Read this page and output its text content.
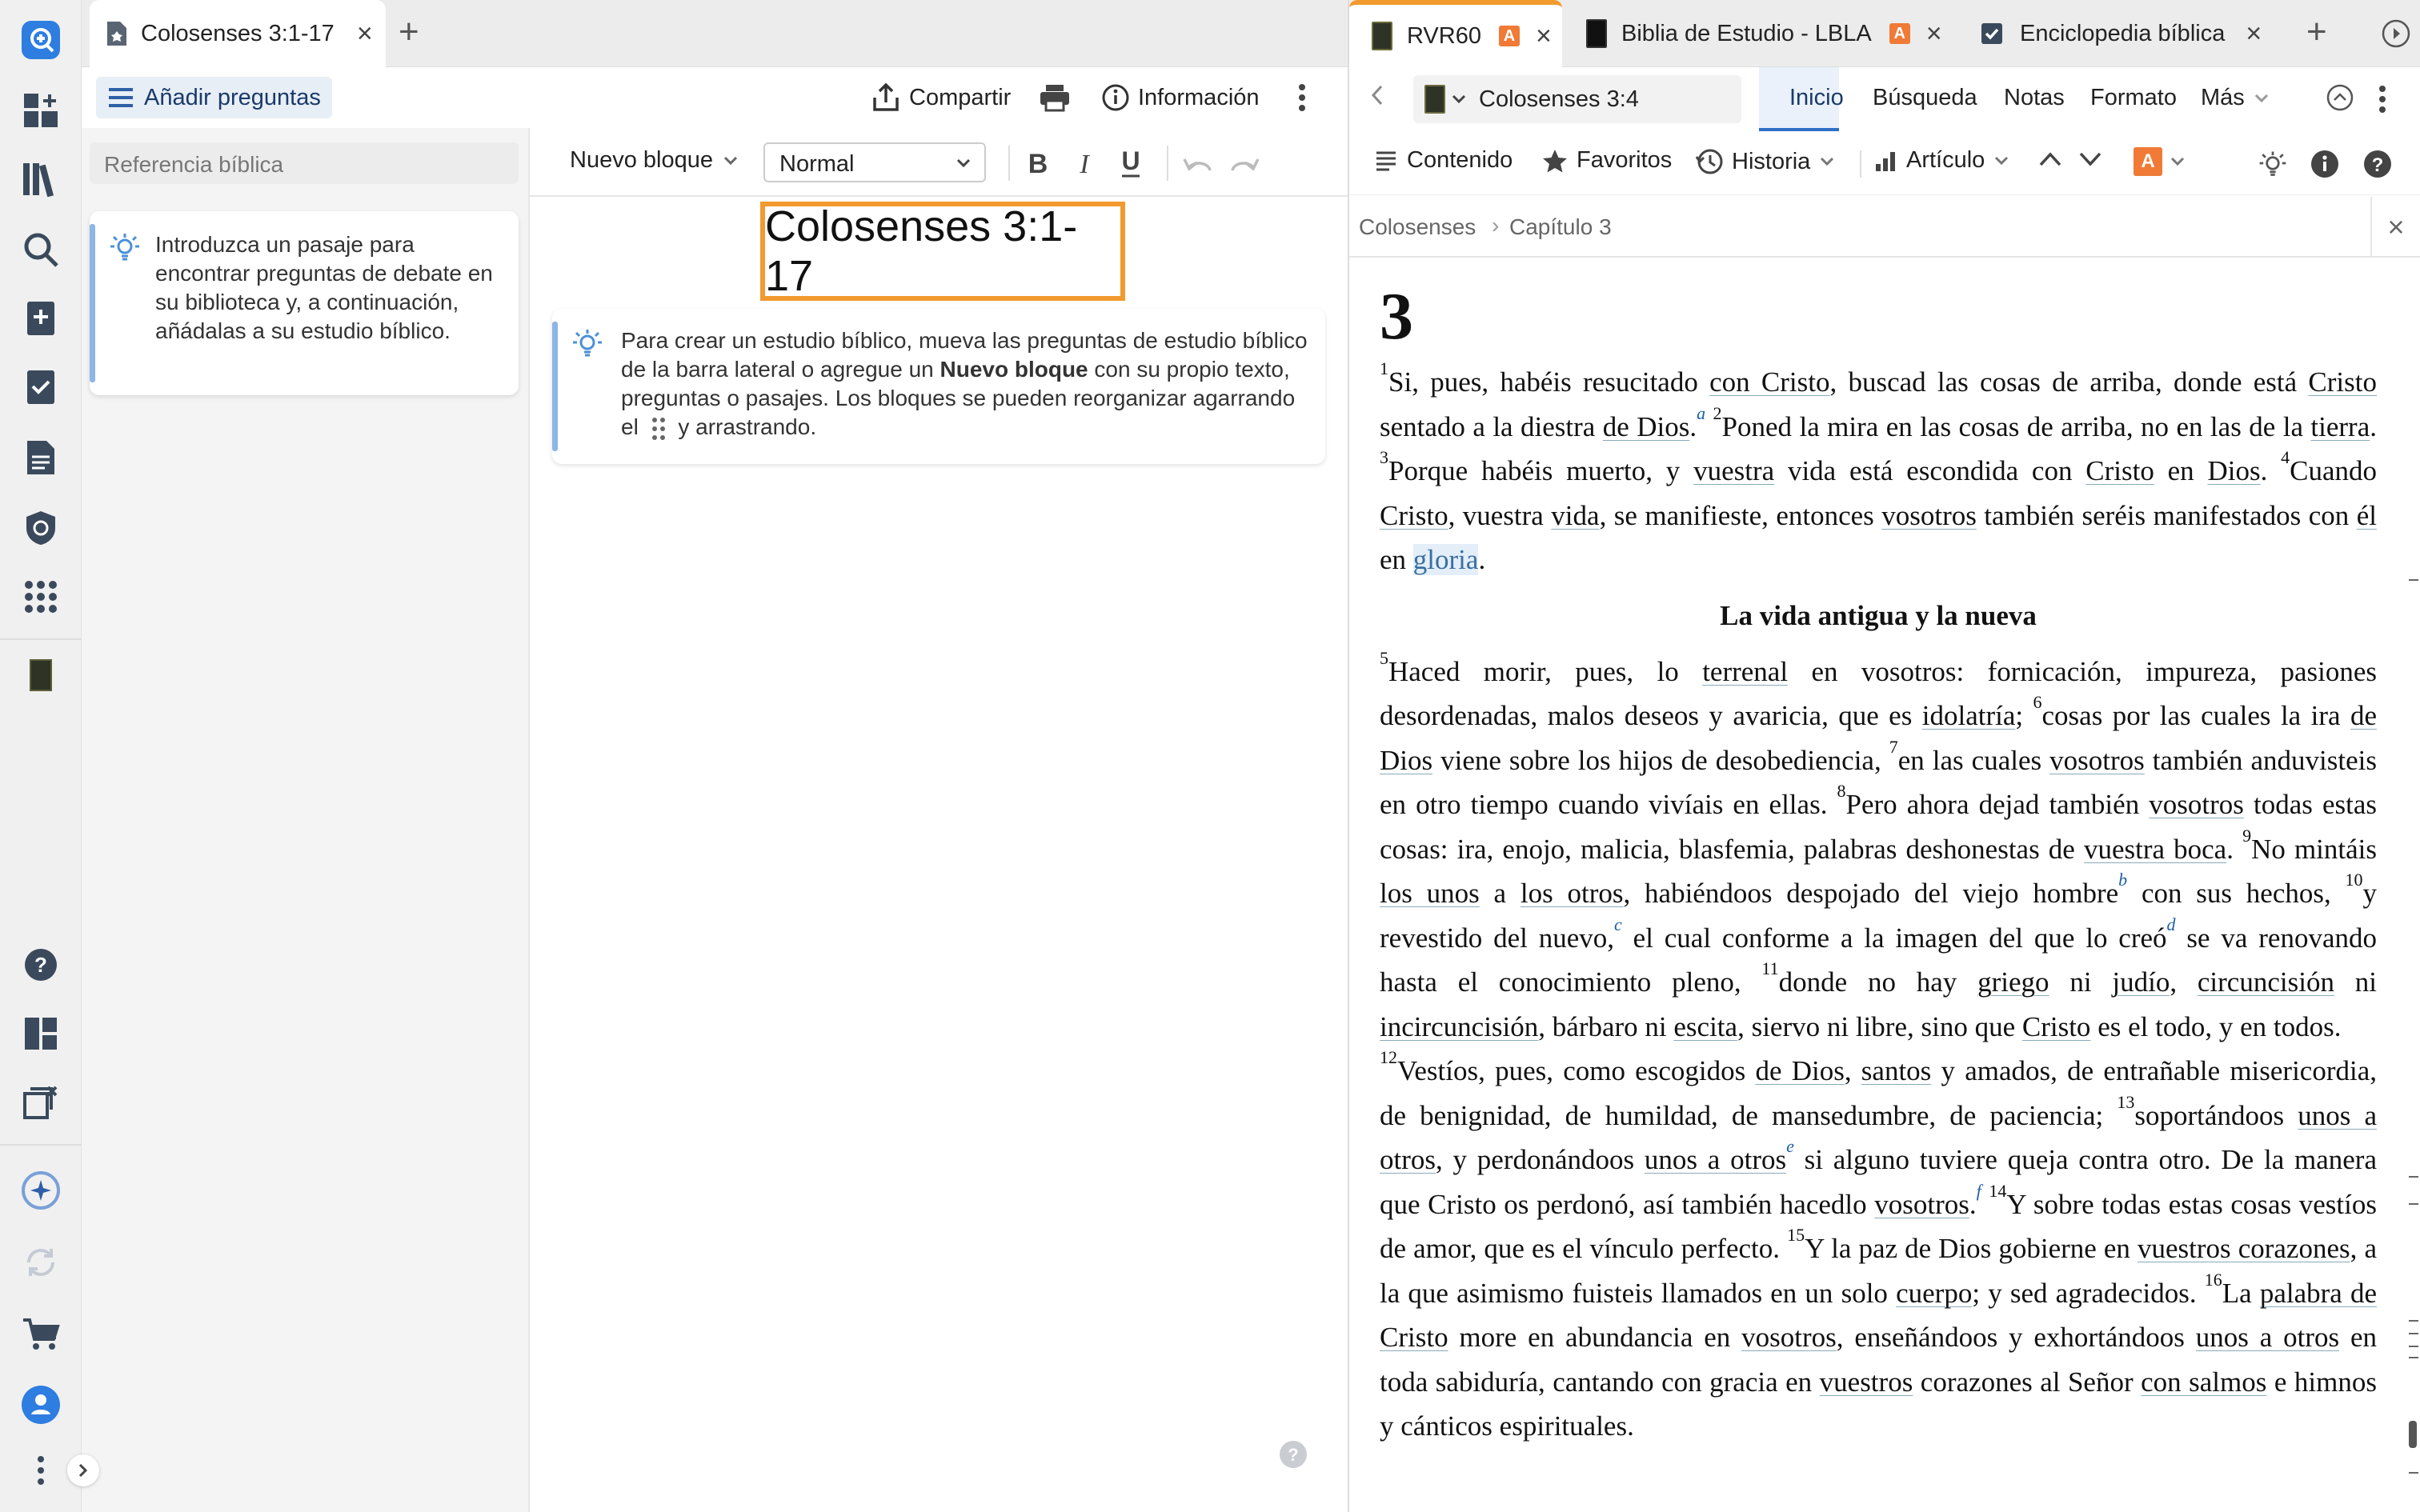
?
Colosenses 3:1-17 × +
Añadir preguntas	Compartir	Información
Referencia bíblica
Introduzca un pasaje para encontrar preguntas de debate en su biblioteca y, a continuación, añádalas a su estudio bíblico.
Nuevo bloque	Normal	B I U
Colosenses 3:1-17
Para crear un estudio bíblico, mueva las preguntas de estudio bíblico de la barra lateral o agregue un Nuevo bloque con su propio texto, preguntas o pasajes. Los bloques se pueden reorganizar agarrando el
y arrastrando.
?
RVR60 A ×	Biblia de Estudio - LBLA A ×	Enciclopedia bíblica × +
Colosenses 3:4	Inicio Búsqueda Notas Formato Más
Contenido	Favoritos	Historia	Artículo	A	?
Colosenses › Capítulo 3	×
3

$^1$Si, pues, habéis resucitado con Cristo, buscad las cosas de arriba, donde está Cristo sentado a la diestra de Dios.$^a$ $^2$Poned la mira en las cosas de arriba, no en las de la tierra. $^3$Porque habéis muerto, y vuestra vida está escondida con Cristo en Dios. $^4$Cuando Cristo, vuestra vida, se manifieste, entonces vosotros también seréis manifestados con él en gloria.

La vida antigua y la nueva

$^5$Haced morir, pues, lo terrenal en vosotros: fornicación, impureza, pasiones desordenadas, malos deseos y avaricia, que es idolatría; $^6$cosas por las cuales la ira de Dios viene sobre los hijos de desobediencia, $^7$en las cuales vosotros también anduvisteis en otro tiempo cuando vivíais en ellas. $^8$Pero ahora dejad también vosotros todas estas cosas: ira, enojo, malicia, blasfemia, palabras deshonestas de vuestra boca. $^9$No mintáis los unos a los otros, habiéndoos despojado del viejo hombre$^b$ con sus hechos, $^{10}$y revestido del nuevo,$^c$ el cual conforme a la imagen del que lo creó$^d$ se va renovando hasta el conocimiento pleno, $^{11}$donde no hay griego ni judío, circuncisión ni incircuncisión, bárbaro ni escita, siervo ni libre, sino que Cristo es el todo, y en todos.

$^{12}$Vestíos, pues, como escogidos de Dios, santos y amados, de entrañable misericordia, de benignidad, de humildad, de mansedumbre, de paciencia; $^{13}$soportándoos unos a otros, y perdonándoos unos a otros$^e$ si alguno tuviere queja contra otro. De la manera que Cristo os perdonó, así también hacedlo vosotros.$^f$ $^{14}$Y sobre todas estas cosas vestíos de amor, que es el vínculo perfecto. $^{15}$Y la paz de Dios gobierne en vuestros corazones, a la que asimismo fuisteis llamados en un solo cuerpo; y sed agradecidos. $^{16}$La palabra de Cristo more en abundancia en vosotros, enseñándoos y exhortándoos unos a otros en toda sabiduría, cantando con gracia en vuestros corazones al Señor con salmos e himnos y cánticos espirituales.
